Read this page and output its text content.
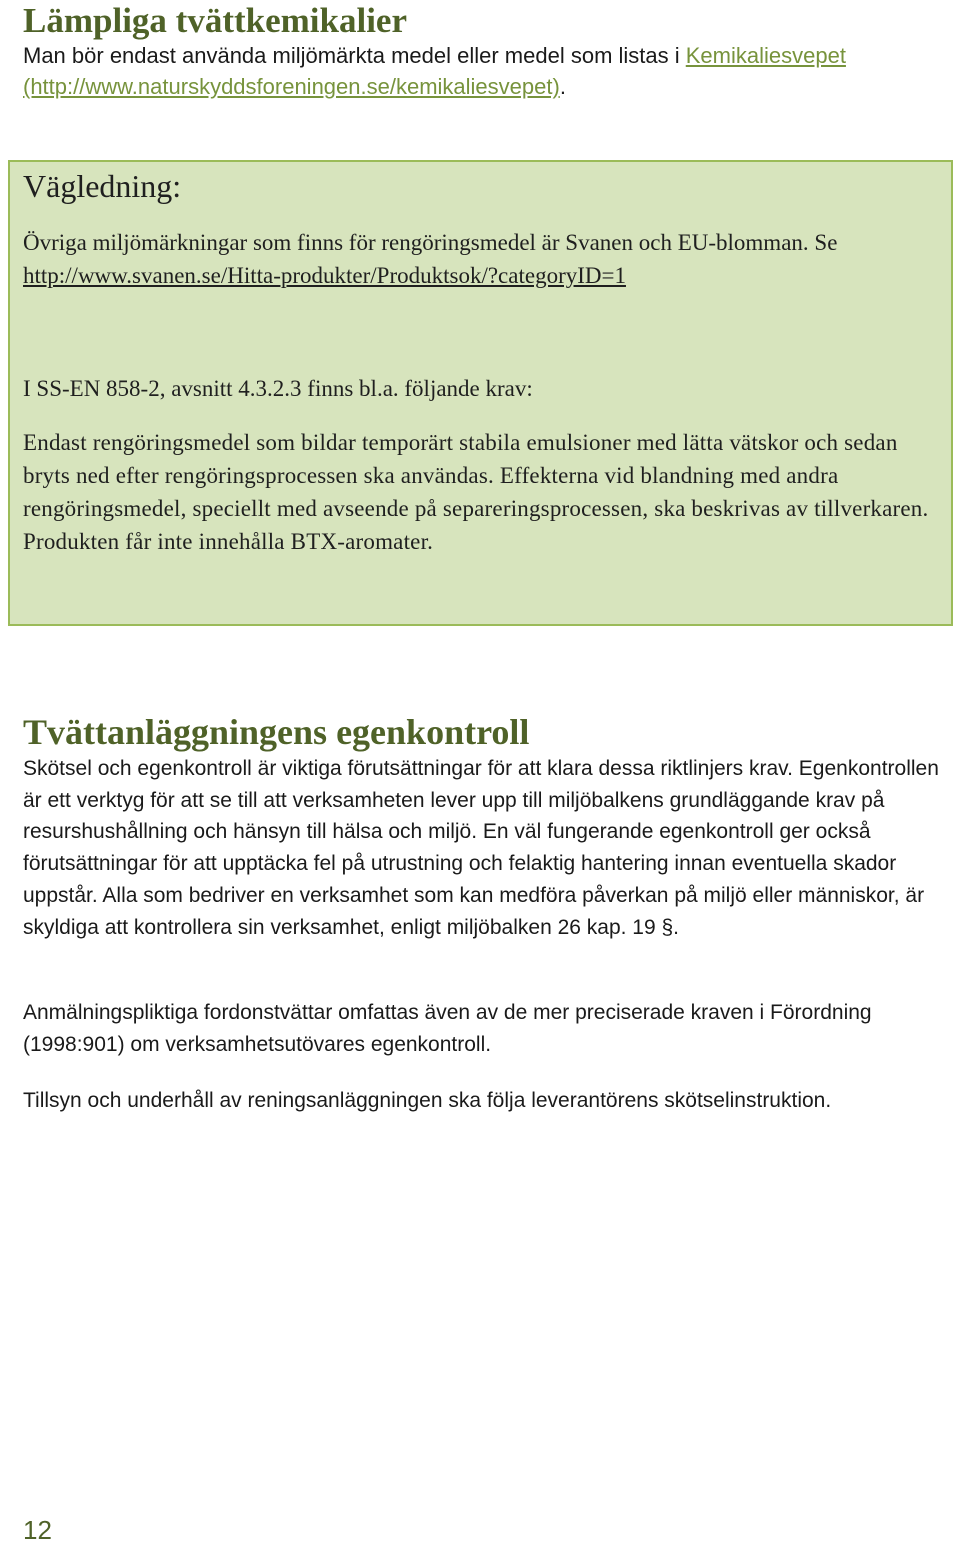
Lämpliga tvättkemikalier

Man bör endast använda miljömärkta medel eller medel som listas i Kemikaliesvepet (http://www.naturskyddsforeningen.se/kemikaliesvepet).

Vägledning:

Övriga miljömärkningar som finns för rengöringsmedel är Svanen och EU-blomman. Se http://www.svanen.se/Hitta-produkter/Produktsok/?categoryID=1

I SS-EN 858-2, avsnitt 4.3.2.3 finns bl.a. följande krav:

Endast rengöringsmedel som bildar temporärt stabila emulsioner med lätta vätskor och sedan bryts ned efter rengöringsprocessen ska användas. Effekterna vid blandning med andra rengöringsmedel, speciellt med avseende på separeringsprocessen, ska beskrivas av tillverkaren. Produkten får inte innehålla BTX-aromater.

Tvättanläggningens egenkontroll

Skötsel och egenkontroll är viktiga förutsättningar för att klara dessa riktlinjers krav. Egenkontrollen är ett verktyg för att se till att verksamheten lever upp till miljöbalkens grundläggande krav på resurshushållning och hänsyn till hälsa och miljö. En väl fungerande egenkontroll ger också förutsättningar för att upptäcka fel på utrustning och felaktig hantering innan eventuella skador uppstår. Alla som bedriver en verksamhet som kan medföra påverkan på miljö eller människor, är skyldiga att kontrollera sin verksamhet, enligt miljöbalken 26 kap. 19 §.

Anmälningspliktiga fordonstvättar omfattas även av de mer preciserade kraven i Förordning (1998:901) om verksamhetsutövares egenkontroll.

Tillsyn och underhåll av reningsanläggningen ska följa leverantörens skötselinstruktion.

12
